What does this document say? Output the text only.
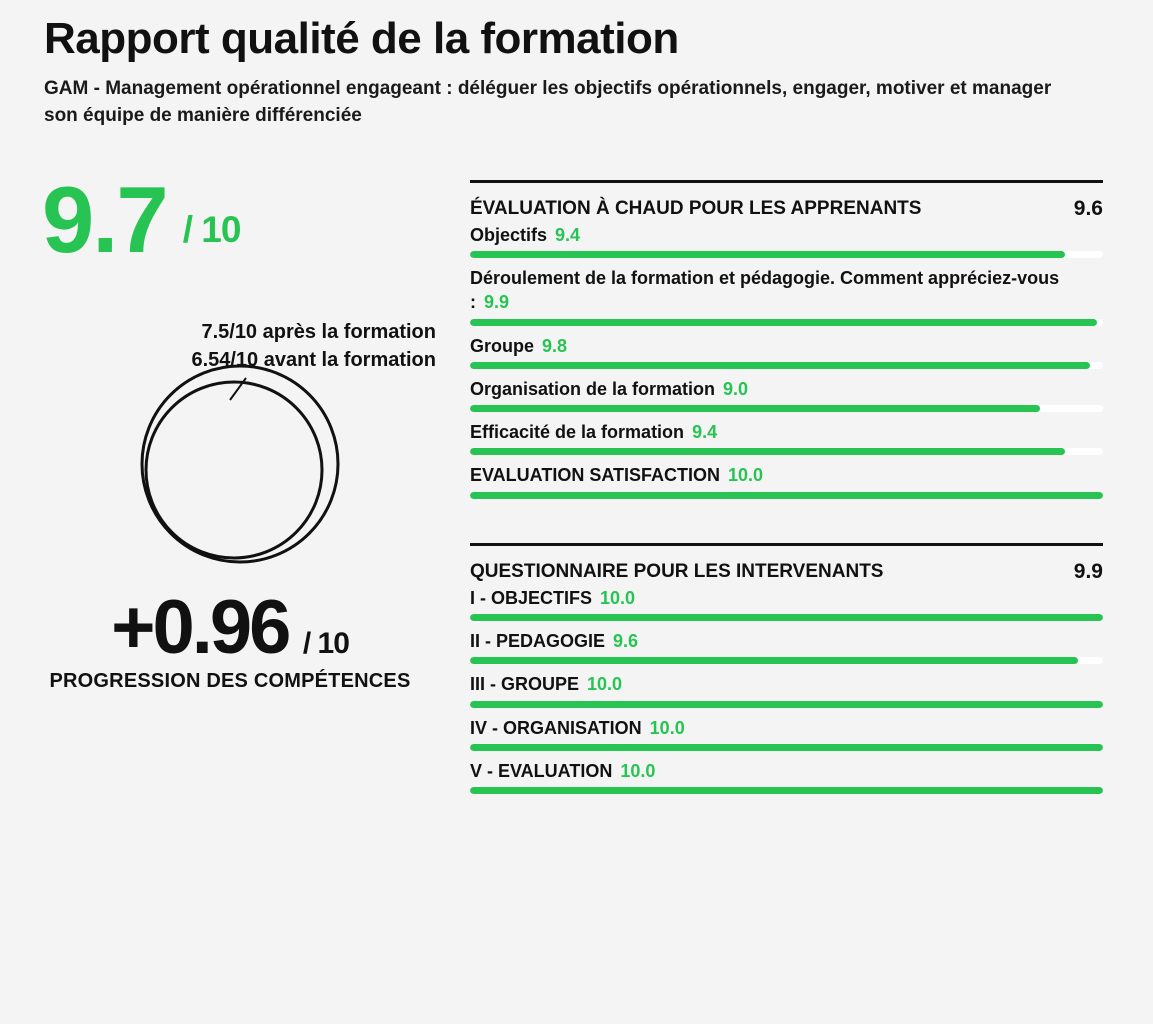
Rapport qualité de la formation

GAM - Management opérationnel engageant : déléguer les objectifs opérationnels, engager, motiver et manager son équipe de manière différenciée

9.7 / 10
7.5/10 après la formation
6.54/10 avant la formation
+0.96 / 10
PROGRESSION DES COMPÉTENCES
ÉVALUATION À CHAUD POUR LES APPRENANTS	9.6
Objectifs 9.4
Déroulement de la formation et pédagogie. Comment appréciez-vous : 9.9
Groupe 9.8
Organisation de la formation 9.0
Efficacité de la formation 9.4
EVALUATION SATISFACTION 10.0
QUESTIONNAIRE POUR LES INTERVENANTS	9.9
I - OBJECTIFS 10.0
II - PEDAGOGIE 9.6
III - GROUPE 10.0
IV - ORGANISATION 10.0
V - EVALUATION 10.0
